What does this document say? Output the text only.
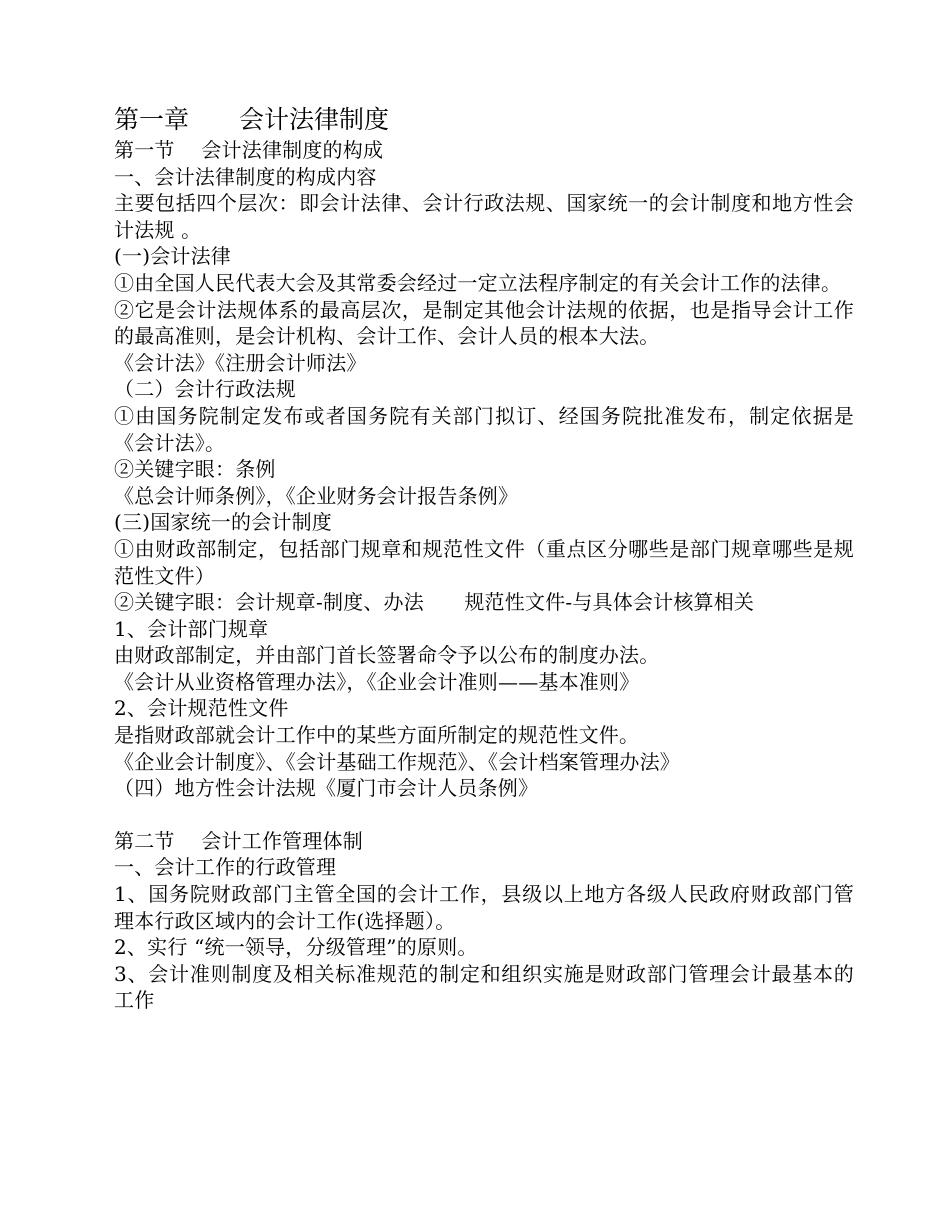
第一章　　会计法律制度

第一节　 会计法律制度的构成

一、会计法律制度的构成内容

主要包括四个层次：即会计法律、会计行政法规、国家统一的会计制度和地方性会计法规 。

(一)会计法律

①由全国人民代表大会及其常委会经过一定立法程序制定的有关会计工作的法律。

②它是会计法规体系的最高层次，是制定其他会计法规的依据，也是指导会计工作的最高准则，是会计机构、会计工作、会计人员的根本大法。

《会计法》《注册会计师法》

（二）会计行政法规

①由国务院制定发布或者国务院有关部门拟订、经国务院批准发布，制定依据是《会计法》。

②关键字眼：条例

《总会计师条例》，《企业财务会计报告条例》

(三)国家统一的会计制度

①由财政部制定，包括部门规章和规范性文件（重点区分哪些是部门规章哪些是规范性文件）

②关键字眼：会计规章-制度、办法　　规范性文件-与具体会计核算相关

1、会计部门规章

由财政部制定，并由部门首长签署命令予以公布的制度办法。

《会计从业资格管理办法》，《企业会计准则——基本准则》

2、会计规范性文件

是指财政部就会计工作中的某些方面所制定的规范性文件。

《企业会计制度》、《会计基础工作规范》、《会计档案管理办法》

（四）地方性会计法规《厦门市会计人员条例》

第二节　 会计工作管理体制

一、会计工作的行政管理

1、国务院财政部门主管全国的会计工作，县级以上地方各级人民政府财政部门管理本行政区域内的会计工作(选择题）。

2、实行 “统一领导，分级管理”的原则。

3、会计准则制度及相关标准规范的制定和组织实施是财政部门管理会计最基本的工作
